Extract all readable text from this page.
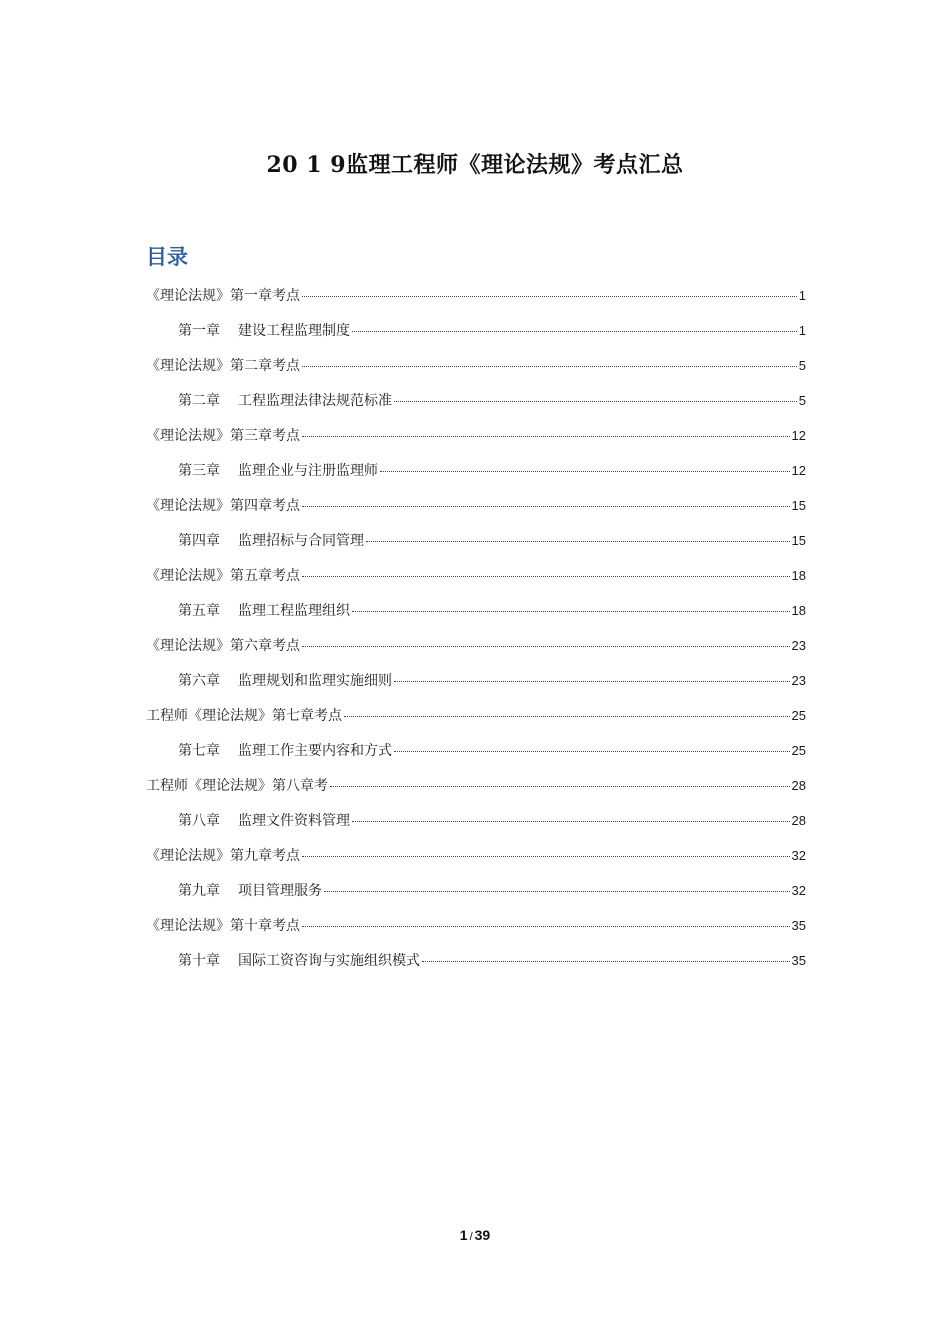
20 1 9监理工程师《理论法规》考点汇总
目录
《理论法规》第一章考点	1
第一章 建设工程监理制度	1
《理论法规》第二章考点	5
第二章 工程监理法律法规范标准	5
《理论法规》第三章考点	12
第三章 监理企业与注册监理师	12
《理论法规》第四章考点	15
第四章 监理招标与合同管理	15
《理论法规》第五章考点	18
第五章 监理工程监理组织	18
《理论法规》第六章考点	23
第六章 监理规划和监理实施细则	23
工程师《理论法规》第七章考点	25
第七章 监理工作主要内容和方式	25
工程师《理论法规》第八章考	28
第八章 监理文件资料管理	28
《理论法规》第九章考点	32
第九章 项目管理服务	32
《理论法规》第十章考点	35
第十章 国际工资咨询与实施组织模式	35
1 / 39
